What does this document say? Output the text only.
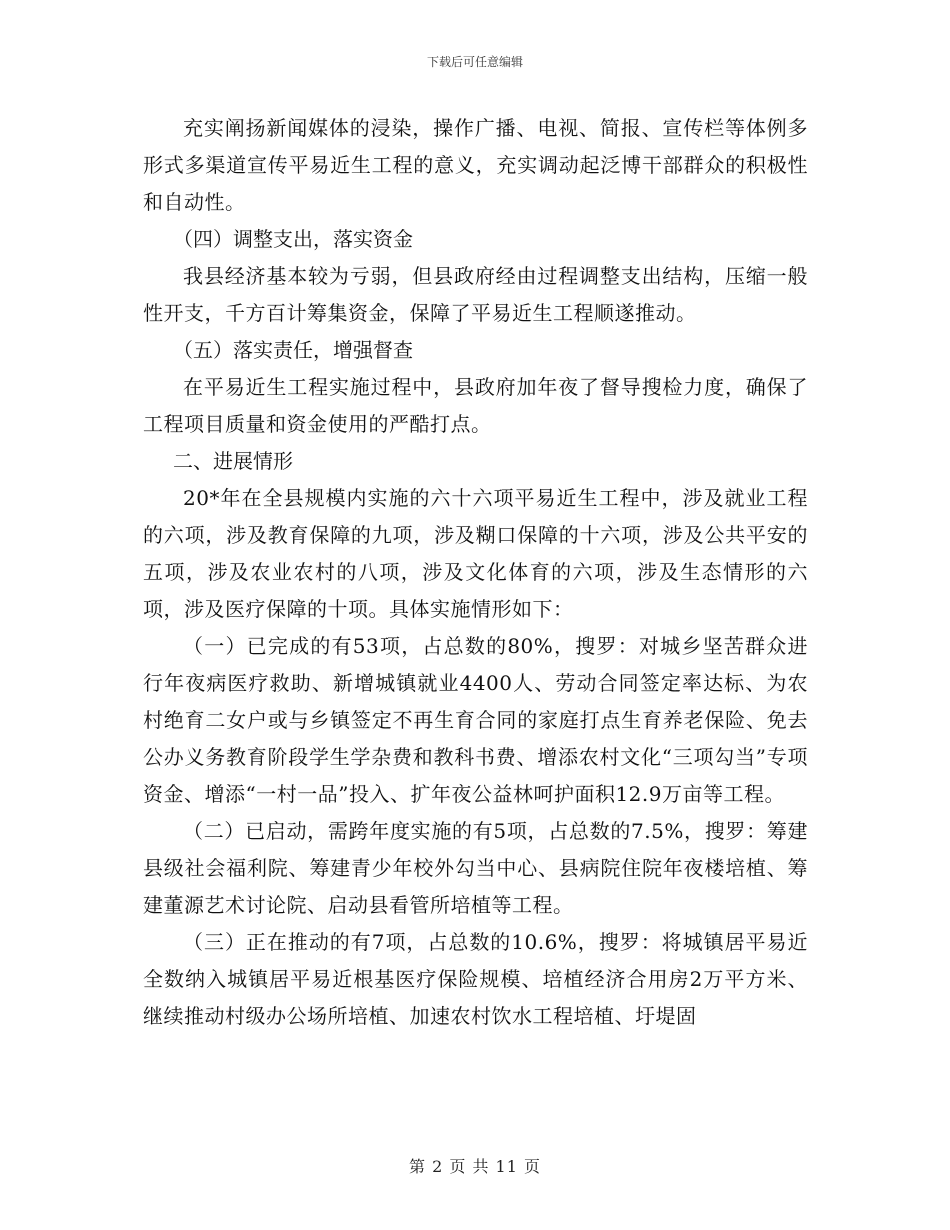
下载后可任意编辑

充实阐扬新闻媒体的浸染，操作广播、电视、简报、宣传栏等体例多形式多渠道宣传平易近生工程的意义，充实调动起泛博干部群众的积极性和自动性。

（四）调整支出，落实资金

我县经济基本较为亏弱，但县政府经由过程调整支出结构，压缩一般性开支，千方百计筹集资金，保障了平易近生工程顺遂推动。

（五）落实责任，增强督查

在平易近生工程实施过程中，县政府加年夜了督导搜检力度，确保了工程项目质量和资金使用的严酷打点。

二、进展情形

20*年在全县规模内实施的六十六项平易近生工程中，涉及就业工程的六项，涉及教育保障的九项，涉及糊口保障的十六项，涉及公共平安的五项，涉及农业农村的八项，涉及文化体育的六项，涉及生态情形的六项，涉及医疗保障的十项。具体实施情形如下：

（一）已完成的有53项，占总数的80%，搜罗：对城乡坚苦群众进行年夜病医疗救助、新增城镇就业4400人、劳动合同签定率达标、为农村绝育二女户或与乡镇签定不再生育合同的家庭打点生育养老保险、免去公办义务教育阶段学生学杂费和教科书费、增添农村文化“三项勾当”专项资金、增添“一村一品”投入、扩年夜公益林呵护面积12.9万亩等工程。

（二）已启动，需跨年度实施的有5项，占总数的7.5%，搜罗：筹建县级社会福利院、筹建青少年校外勾当中心、县病院住院年夜楼培植、筹建董源艺术讨论院、启动县看管所培植等工程。

（三）正在推动的有7项，占总数的10.6%，搜罗：将城镇居平易近全数纳入城镇居平易近根基医疗保险规模、培植经济合用房2万平方米、继续推动村级办公场所培植、加速农村饮水工程培植、圩堤固

第 2 页 共 11 页
